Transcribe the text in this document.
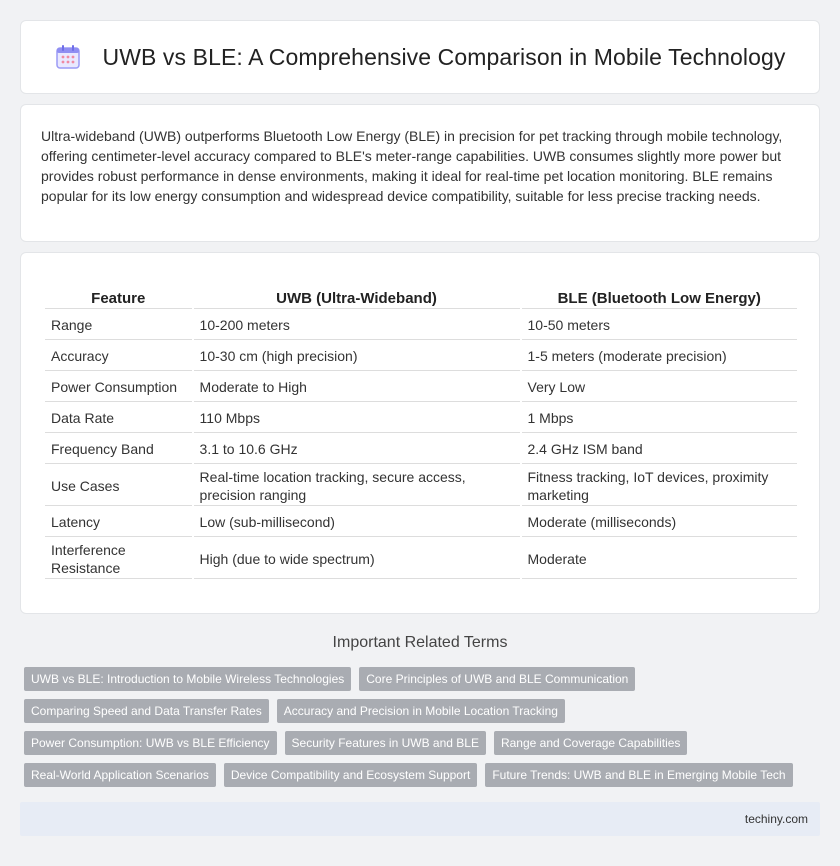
UWB vs BLE: A Comprehensive Comparison in Mobile Technology

Ultra-wideband (UWB) outperforms Bluetooth Low Energy (BLE) in precision for pet tracking through mobile technology, offering centimeter-level accuracy compared to BLE's meter-range capabilities. UWB consumes slightly more power but provides robust performance in dense environments, making it ideal for real-time pet location monitoring. BLE remains popular for its low energy consumption and widespread device compatibility, suitable for less precise tracking needs.

Feature	UWB (Ultra-Wideband)	BLE (Bluetooth Low Energy)
Range	10-200 meters	10-50 meters
Accuracy	10-30 cm (high precision)	1-5 meters (moderate precision)
Power Consumption	Moderate to High	Very Low
Data Rate	110 Mbps	1 Mbps
Frequency Band	3.1 to 10.6 GHz	2.4 GHz ISM band
Use Cases	Real-time location tracking, secure access, precision ranging	Fitness tracking, IoT devices, proximity marketing
Latency	Low (sub-millisecond)	Moderate (milliseconds)
Interference Resistance	High (due to wide spectrum)	Moderate
Important Related Terms
UWB vs BLE: Introduction to Mobile Wireless Technologies	Core Principles of UWB and BLE Communication
Comparing Speed and Data Transfer Rates	Accuracy and Precision in Mobile Location Tracking
Power Consumption: UWB vs BLE Efficiency	Security Features in UWB and BLE	Range and Coverage Capabilities
Real-World Application Scenarios	Device Compatibility and Ecosystem Support	Future Trends: UWB and BLE in Emerging Mobile Tech
techiny.com
